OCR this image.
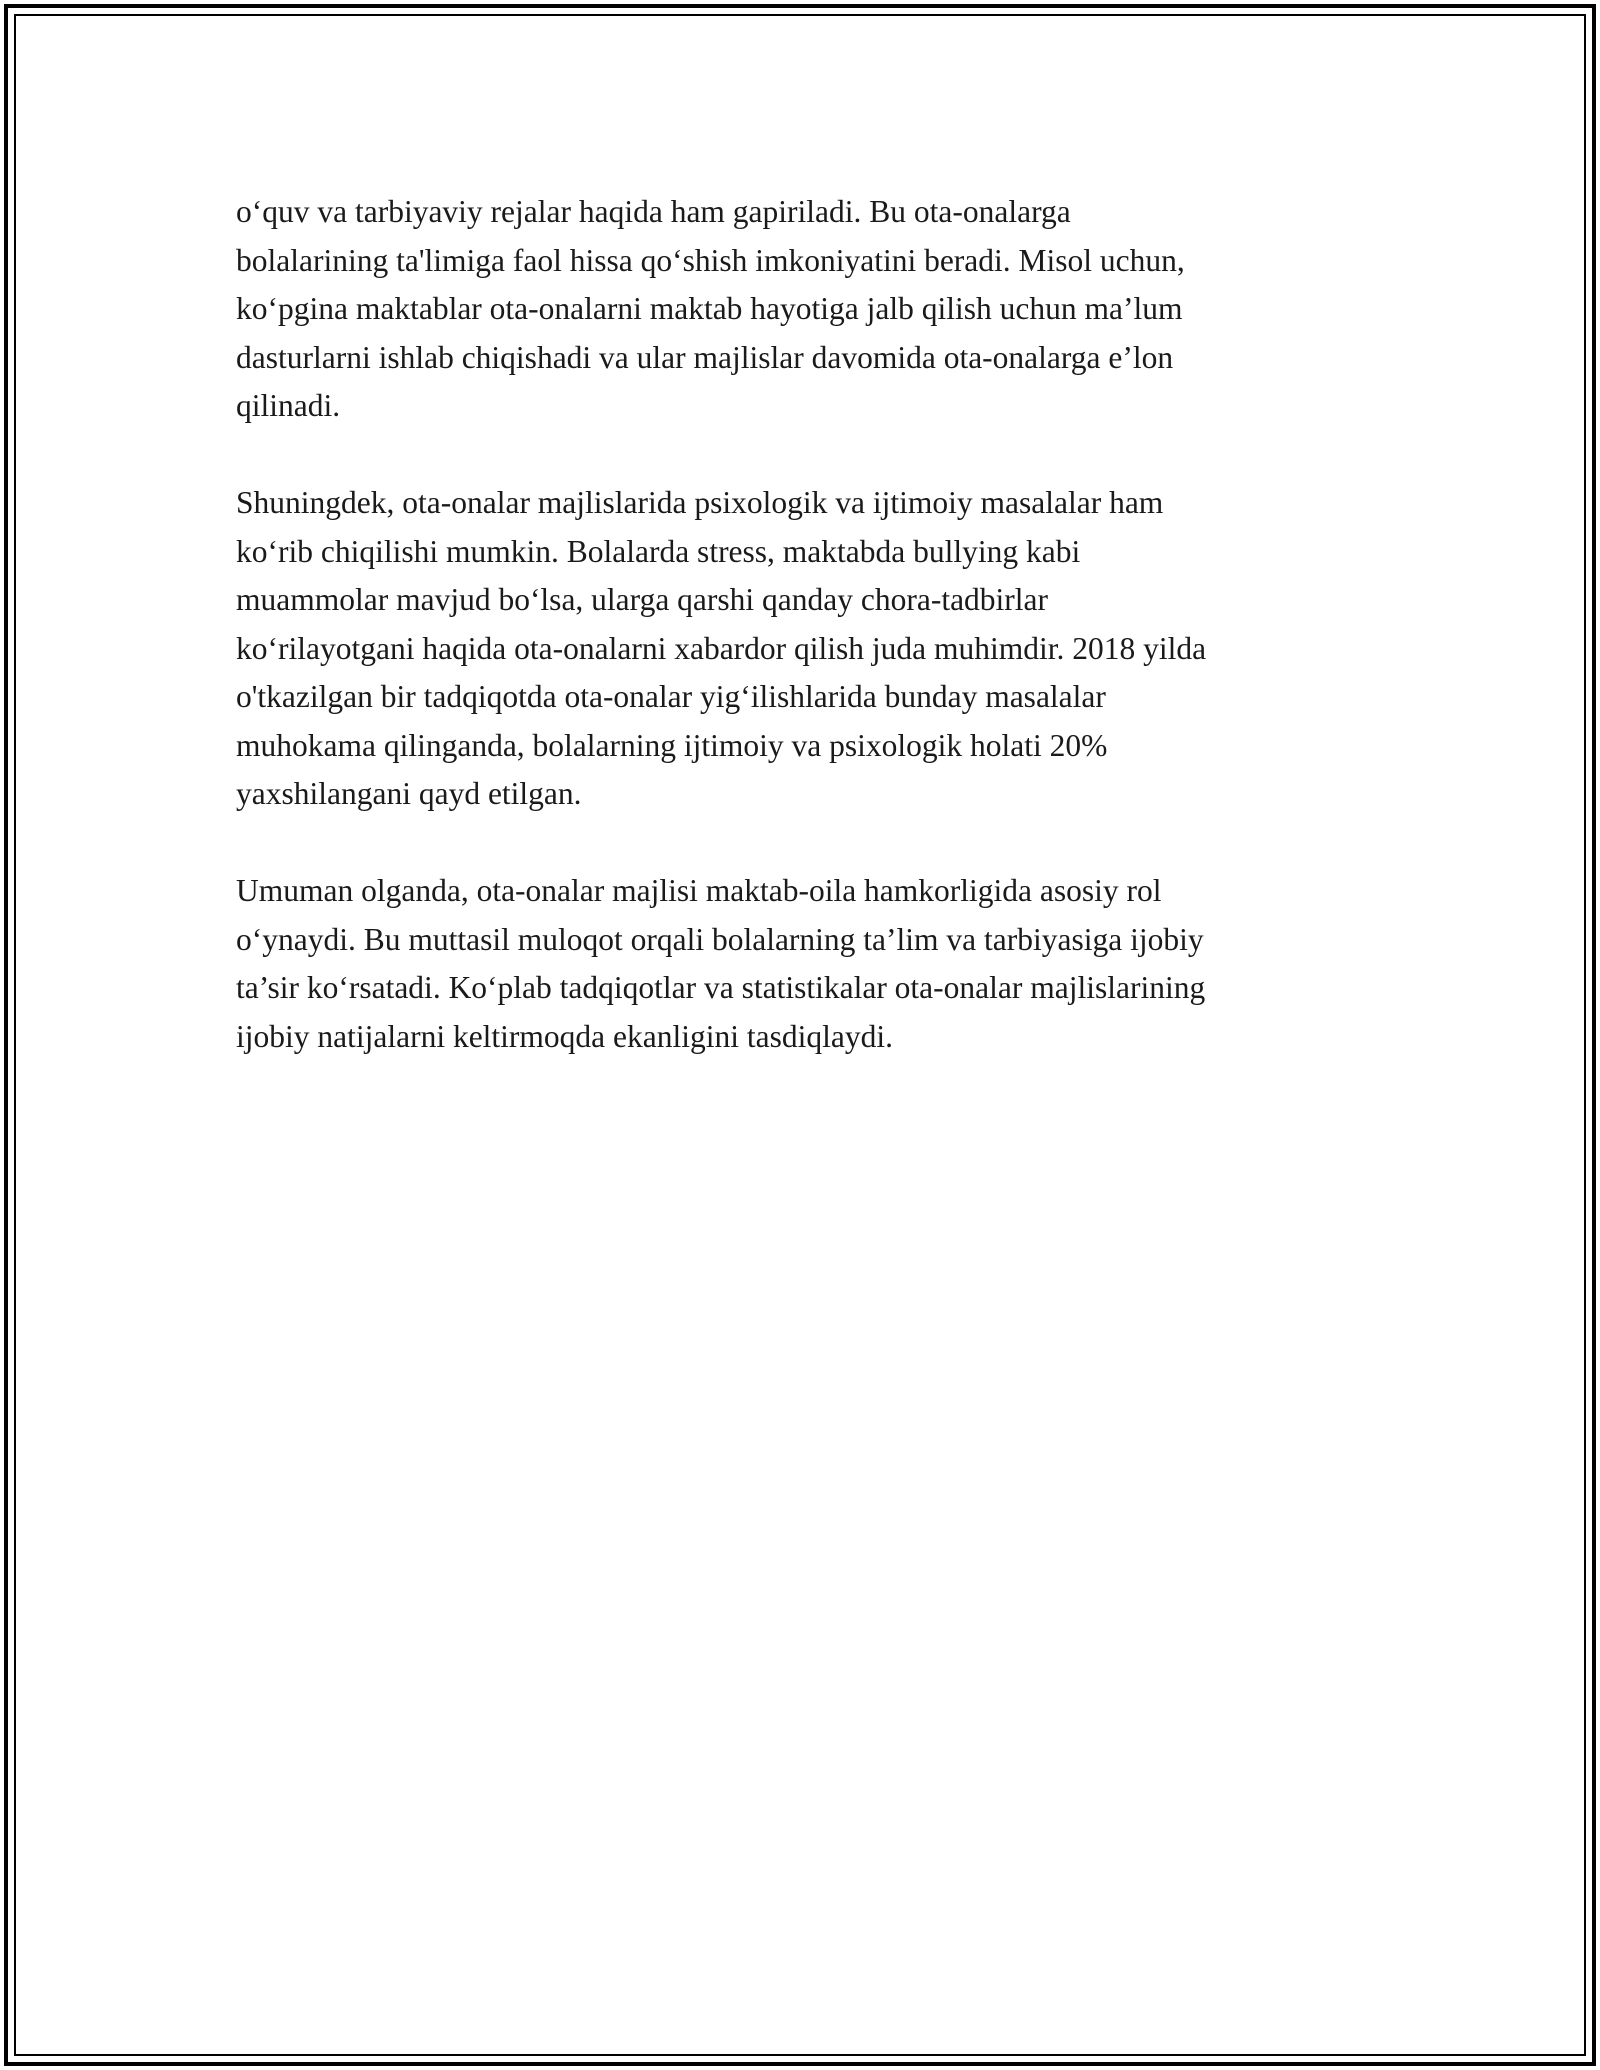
o‘quv va tarbiyaviy rejalar haqida ham gapiriladi. Bu ota-onalarga
bolalarining ta'limiga faol hissa qo‘shish imkoniyatini beradi. Misol uchun,
ko‘pgina maktablar ota-onalarni maktab hayotiga jalb qilish uchun ma’lum
dasturlarni ishlab chiqishadi va ular majlislar davomida ota-onalarga e’lon
qilinadi.

Shuningdek, ota-onalar majlislarida psixologik va ijtimoiy masalalar ham
ko‘rib chiqilishi mumkin. Bolalarda stress, maktabda bullying kabi
muammolar mavjud bo‘lsa, ularga qarshi qanday chora-tadbirlar
ko‘rilayotgani haqida ota-onalarni xabardor qilish juda muhimdir. 2018 yilda
o'tkazilgan bir tadqiqotda ota-onalar yig‘ilishlarida bunday masalalar
muhokama qilinganda, bolalarning ijtimoiy va psixologik holati 20%
yaxshilangani qayd etilgan.

Umuman olganda, ota-onalar majlisi maktab-oila hamkorligida asosiy rol
o‘ynaydi. Bu muttasil muloqot orqali bolalarning ta’lim va tarbiyasiga ijobiy
ta’sir ko‘rsatadi. Ko‘plab tadqiqotlar va statistikalar ota-onalar majlislarining
ijobiy natijalarni keltirmoqda ekanligini tasdiqlaydi.
